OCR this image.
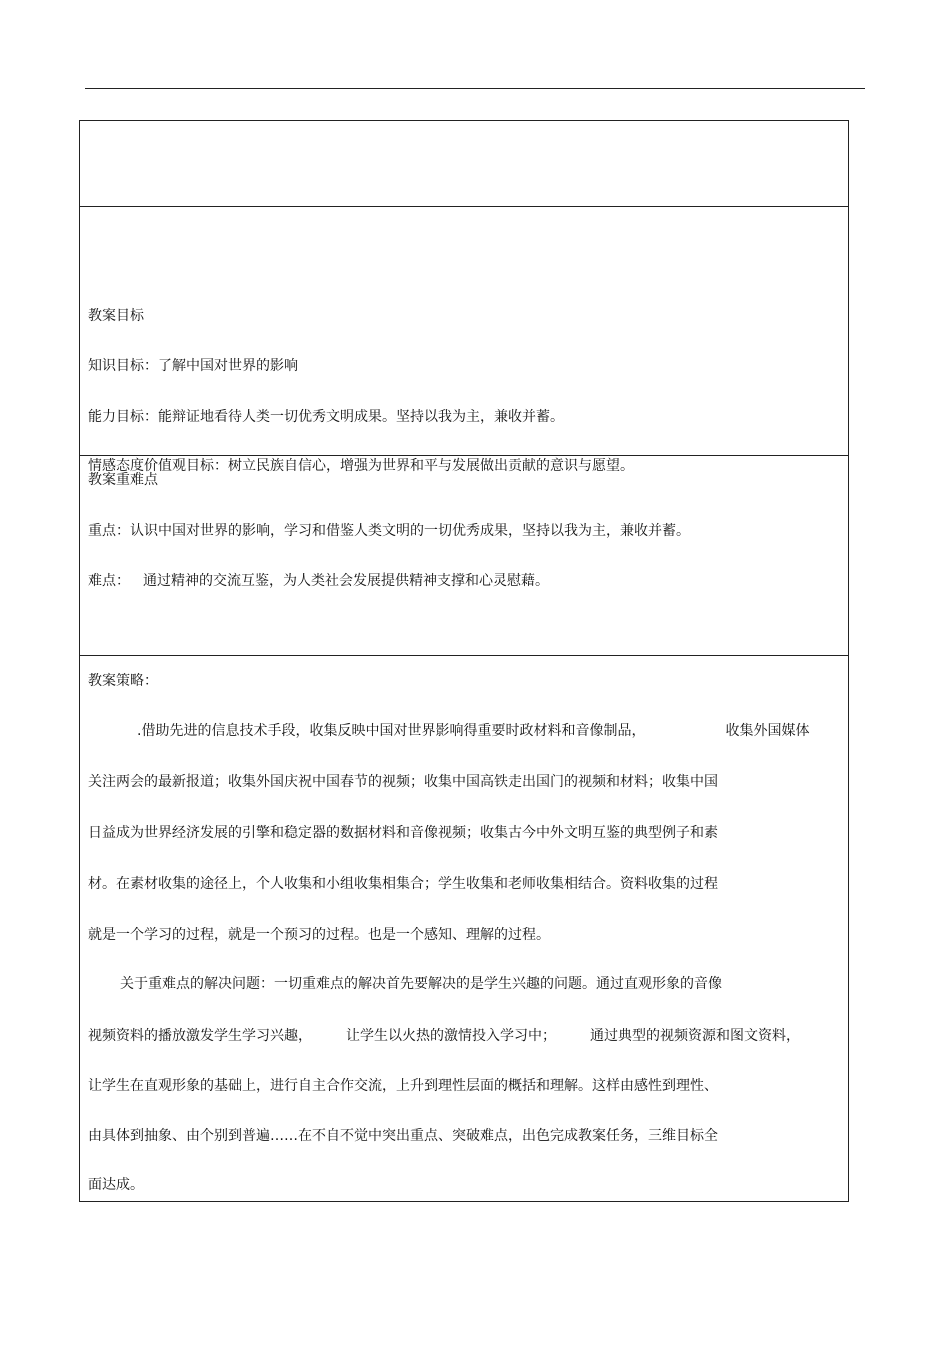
教案目标
知识目标：了解中国对世界的影响
能力目标：能辩证地看待人类一切优秀文明成果。坚持以我为主，兼收并蓄。
情感态度价值观目标：树立民族自信心，增强为世界和平与发展做出贡献的意识与愿望。
教案重难点
重点：认识中国对世界的影响，学习和借鉴人类文明的一切优秀成果，坚持以我为主，兼收并蓄。
难点： 通过精神的交流互鉴，为人类社会发展提供精神支撑和心灵慰藉。
教案策略：
.借助先进的信息技术手段，收集反映中国对世界影响得重要时政材料和音像制品，	收集外国媒体
关注两会的最新报道；收集外国庆祝中国春节的视频；收集中国高铁走出国门的视频和材料；收集中国
日益成为世界经济发展的引擎和稳定器的数据材料和音像视频；收集古今中外文明互鉴的典型例子和素
材。在素材收集的途径上，个人收集和小组收集相集合；学生收集和老师收集相结合。资料收集的过程
就是一个学习的过程，就是一个预习的过程。也是一个感知、理解的过程。
关于重难点的解决问题：一切重难点的解决首先要解决的是学生兴趣的问题。通过直观形象的音像
视频资料的播放激发学生学习兴趣， 让学生以火热的激情投入学习中； 通过典型的视频资源和图文资料，
让学生在直观形象的基础上，进行自主合作交流，上升到理性层面的概括和理解。这样由感性到理性、
由具体到抽象、由个别到普遍……在不自不觉中突出重点、突破难点，出色完成教案任务，三维目标全
面达成。
